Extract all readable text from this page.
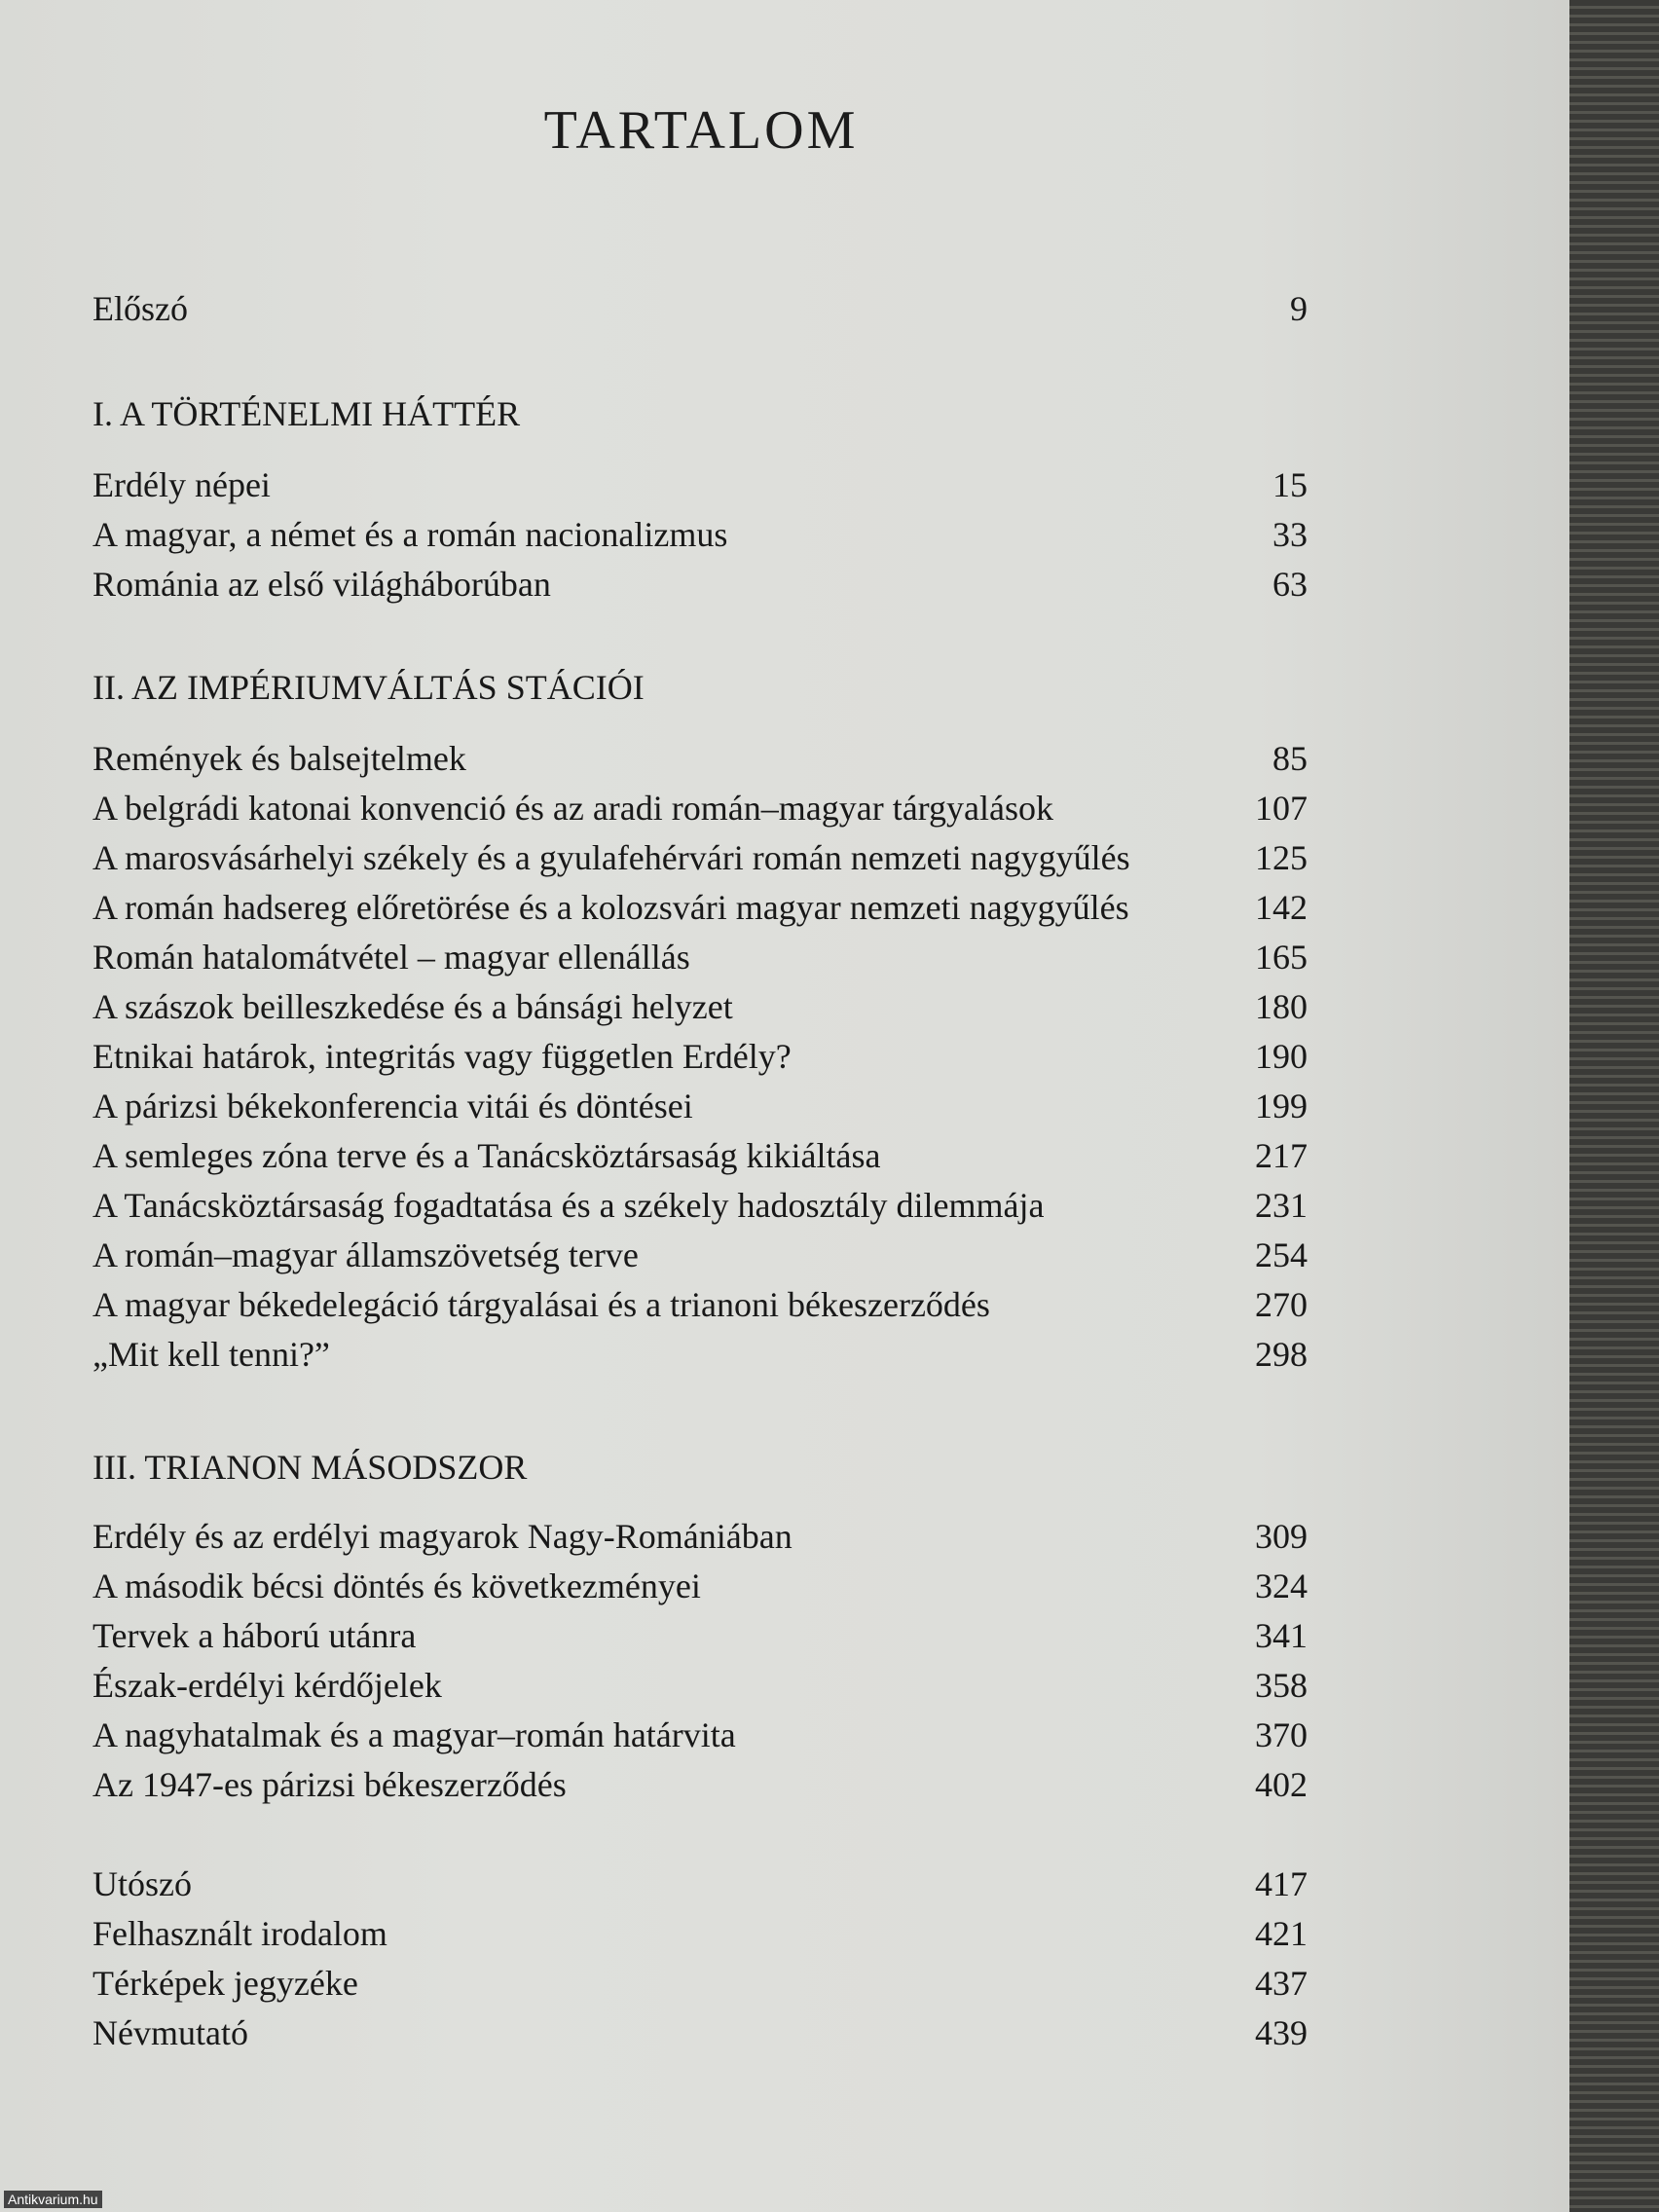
TARTALOM
Előszó	9
I. A TÖRTÉNELMI HÁTTÉR
Erdély népei	15
A magyar, a német és a román nacionalizmus	33
Románia az első világháborúban	63
II. AZ IMPÉRIUMVÁLTÁS STÁCIÓI
Remények és balsejtelmek	85
A belgrádi katonai konvenció és az aradi román–magyar tárgyalások	107
A marosvásárhelyi székely és a gyulafehérvári román nemzeti nagygyűlés	125
A román hadsereg előretörése és a kolozsvári magyar nemzeti nagygyűlés	142
Román hatalomátvétel – magyar ellenállás	165
A szászok beilleszkedése és a bánsági helyzet	180
Etnikai határok, integritás vagy független Erdély?	190
A párizsi békekonferencia vitái és döntései	199
A semleges zóna terve és a Tanácsköztársaság kikiáltása	217
A Tanácsköztársaság fogadtatása és a székely hadosztály dilemmája	231
A román–magyar államszövetség terve	254
A magyar békedelegáció tárgyalásai és a trianoni békeszerződés	270
„Mit kell tenni?”	298
III. TRIANON MÁSODSZOR
Erdély és az erdélyi magyarok Nagy-Romániában	309
A második bécsi döntés és következményei	324
Tervek a háború utánra	341
Észak-erdélyi kérdőjelek	358
A nagyhatalmak és a magyar–román határvita	370
Az 1947-es párizsi békeszerződés	402
Utószó	417
Felhasznált irodalom	421
Térképek jegyzéke	437
Névmutató	439
Antikvarium.hu
